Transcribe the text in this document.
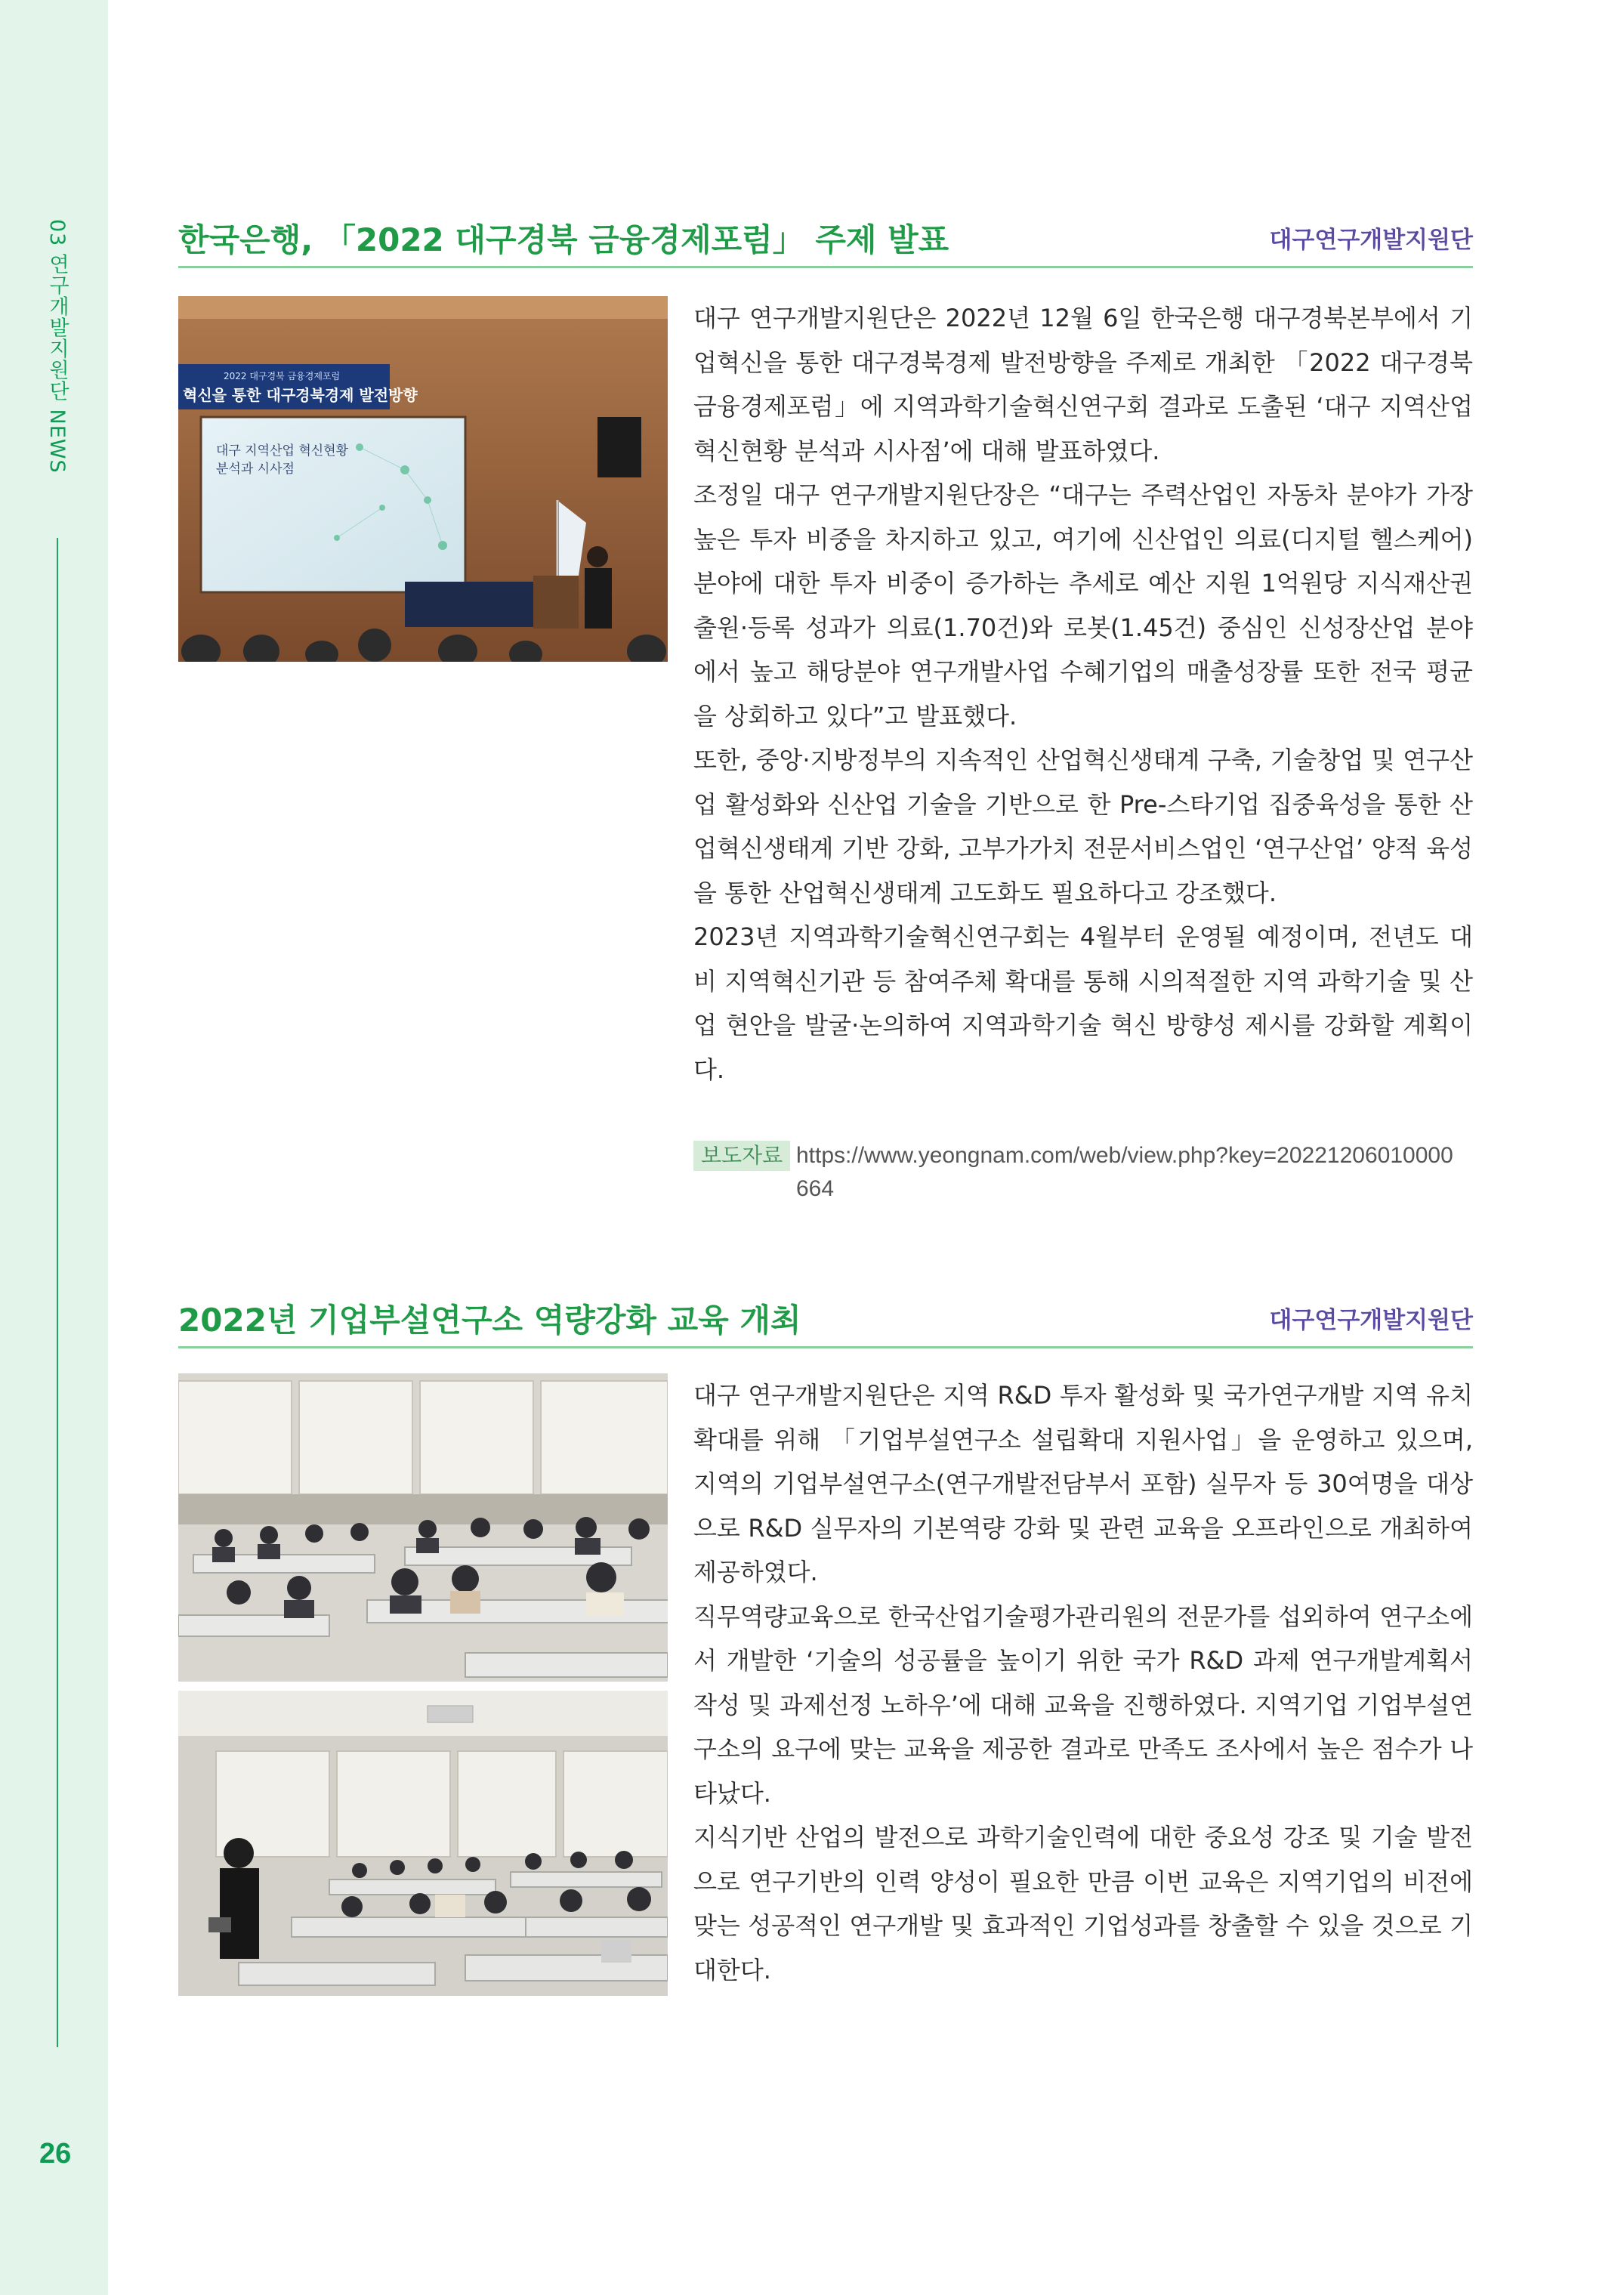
03 연구개발지원단 NEWS
26
한국은행, 「2022 대구경북 금융경제포럼」 주제 발표	대구연구개발지원단
2022 대구경북 금융경제포럼
혁신을 통한 대구경북경제 발전방향
대구 지역산업 혁신현황
분석과 시사점

대구 연구개발지원단은 2022년 12월 6일 한국은행 대구경북본부에서 기업혁신을 통한 대구경북경제 발전방향을 주제로 개최한 「2022 대구경북 금융경제포럼」에 지역과학기술혁신연구회 결과로 도출된 ‘대구 지역산업 혁신현황 분석과 시사점’에 대해 발표하였다.

조정일 대구 연구개발지원단장은 “대구는 주력산업인 자동차 분야가 가장 높은 투자 비중을 차지하고 있고, 여기에 신산업인 의료(디지털 헬스케어) 분야에 대한 투자 비중이 증가하는 추세로 예산 지원 1억원당 지식재산권 출원·등록 성과가 의료(1.70건)와 로봇(1.45건) 중심인 신성장산업 분야에서 높고 해당분야 연구개발사업 수혜기업의 매출성장률 또한 전국 평균을 상회하고 있다”고 발표했다.

또한, 중앙·지방정부의 지속적인 산업혁신생태계 구축, 기술창업 및 연구산업 활성화와 신산업 기술을 기반으로 한 Pre-스타기업 집중육성을 통한 산업혁신생태계 기반 강화, 고부가가치 전문서비스업인 ‘연구산업’ 양적 육성을 통한 산업혁신생태계 고도화도 필요하다고 강조했다.

2023년 지역과학기술혁신연구회는 4월부터 운영될 예정이며, 전년도 대비 지역혁신기관 등 참여주체 확대를 통해 시의적절한 지역 과학기술 및 산업 현안을 발굴·논의하여 지역과학기술 혁신 방향성 제시를 강화할 계획이다.

보도자료 https://www.yeongnam.com/web/view.php?key=20221206010000664
2022년 기업부설연구소 역량강화 교육 개최	대구연구개발지원단

대구 연구개발지원단은 지역 R&D 투자 활성화 및 국가연구개발 지역 유치 확대를 위해 「기업부설연구소 설립확대 지원사업」을 운영하고 있으며, 지역의 기업부설연구소(연구개발전담부서 포함) 실무자 등 30여명을 대상으로 R&D 실무자의 기본역량 강화 및 관련 교육을 오프라인으로 개최하여 제공하였다.

직무역량교육으로 한국산업기술평가관리원의 전문가를 섭외하여 연구소에서 개발한 ‘기술의 성공률을 높이기 위한 국가 R&D 과제 연구개발계획서 작성 및 과제선정 노하우’에 대해 교육을 진행하였다. 지역기업 기업부설연구소의 요구에 맞는 교육을 제공한 결과로 만족도 조사에서 높은 점수가 나타났다.

지식기반 산업의 발전으로 과학기술인력에 대한 중요성 강조 및 기술 발전으로 연구기반의 인력 양성이 필요한 만큼 이번 교육은 지역기업의 비전에 맞는 성공적인 연구개발 및 효과적인 기업성과를 창출할 수 있을 것으로 기대한다.
